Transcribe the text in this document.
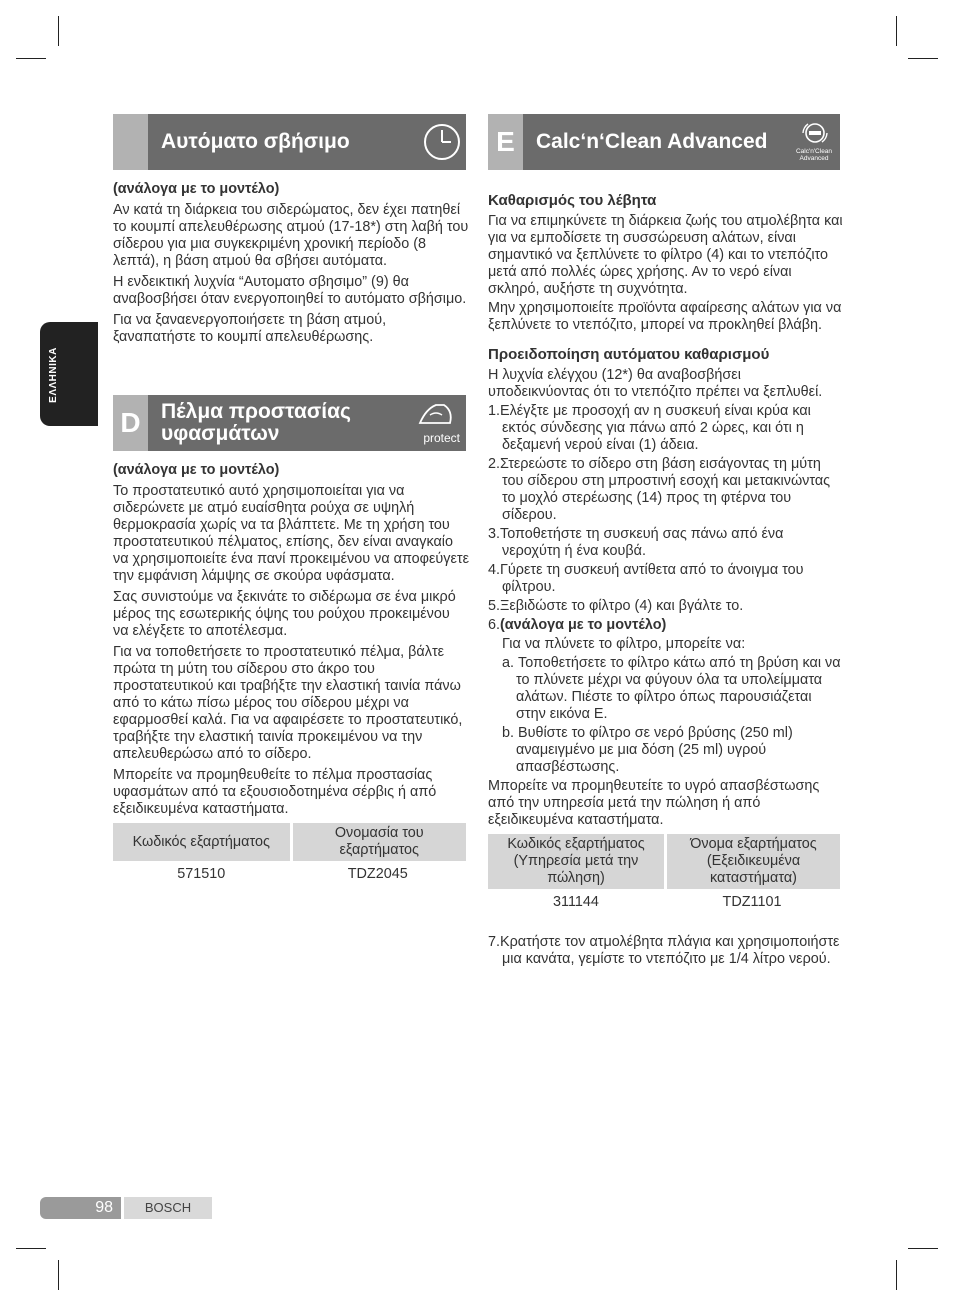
ΕΛΛΗΝΙΚΑ
Αυτόματο σβήσιμο

(ανάλογα με το μοντέλο)

Αν κατά τη διάρκεια του σιδερώματος, δεν έχει πατηθεί το κουμπί απελευθέρωσης ατμού (17-18*) στη λαβή του σίδερου για μια συγκεκριμένη χρονική περίοδο (8 λεπτά), η βάση ατμού θα σβήσει αυτόματα.

Η ενδεικτική λυχνία “Αυτοματο σβησιμο” (9) θα αναβοσβήσει όταν ενεργοποιηθεί το αυτόματο σβήσιμο.

Για να ξαναενεργοποιήσετε τη βάση ατμού, ξαναπατήστε το κουμπί απελευθέρωσης.

D Πέλμα προστασίας
υφασμάτων	protect

(ανάλογα με το μοντέλο)

Το προστατευτικό αυτό χρησιμοποιείται για να σιδερώνετε με ατμό ευαίσθητα ρούχα σε υψηλή θερμοκρασία χωρίς να τα βλάπτετε. Με τη χρήση του προστατευτικού πέλματος, επίσης, δεν είναι αναγκαίο να χρησιμοποιείτε ένα πανί προκειμένου να αποφεύγετε την εμφάνιση λάμψης σε σκούρα υφάσματα.

Σας συνιστούμε να ξεκινάτε το σιδέρωμα σε ένα μικρό μέρος της εσωτερικής όψης του ρούχου προκειμένου να ελέγξετε το αποτέλεσμα.

Για να τοποθετήσετε το προστατευτικό πέλμα, βάλτε πρώτα τη μύτη του σίδερου στο άκρο του προστατευτικού και τραβήξτε την ελαστική ταινία πάνω από το κάτω πίσω μέρος του σίδερου μέχρι να εφαρμοσθεί καλά. Για να αφαιρέσετε το προστατευτικό, τραβήξτε την ελαστική ταινία προκειμένου να την απελευθερώσω από το σίδερο.

Μπορείτε να προμηθευθείτε το πέλμα προστασίας υφασμάτων από τα εξουσιοδοτημένα σέρβις ή από εξειδικευμένα καταστήματα.

Κωδικός εξαρτήματος	Ονομασία του εξαρτήματος
571510	TDZ2045
E	Calc‘n‘Clean Advanced	Calc'n'Clean Advanced

Καθαρισμός του λέβητα

Για να επιμηκύνετε τη διάρκεια ζωής του ατμολέβητα και για να εμποδίσετε τη συσσώρευση αλάτων, είναι σημαντικό να ξεπλύνετε το φίλτρο (4) και το ντεπόζιτο μετά από πολλές ώρες χρήσης. Αν το νερό είναι σκληρό, αυξήστε τη συχνότητα.

Μην χρησιμοποιείτε προϊόντα αφαίρεσης αλάτων για να ξεπλύνετε το ντεπόζιτο, μπορεί να προκληθεί βλάβη.

Προειδοποίηση αυτόματου καθαρισμού

Η λυχνία ελέγχου (12*) θα αναβοσβήσει υποδεικνύοντας ότι το ντεπόζιτο πρέπει να ξεπλυθεί.

1.Ελέγξτε με προσοχή αν η συσκευή είναι κρύα και εκτός σύνδεσης για πάνω από 2 ώρες, και ότι η δεξαμενή νερού είναι (1) άδεια.
2.Στερεώστε το σίδερο στη βάση εισάγοντας τη μύτη του σίδερου στη μπροστινή εσοχή και μετακινώντας το μοχλό στερέωσης (14) προς τη φτέρνα του σίδερου.
3.Τοποθετήστε τη συσκευή σας πάνω από ένα νεροχύτη ή ένα κουβά.
4.Γύρετε τη συσκευή αντίθετα από το άνοιγμα του φίλτρου.
5.Ξεβιδώστε το φίλτρο (4) και βγάλτε το.
6.(ανάλογα με το μοντέλο)
Για να πλύνετε το φίλτρο, μπορείτε να:
a. Τοποθετήσετε το φίλτρο κάτω από τη βρύση και να το πλύνετε μέχρι να φύγουν όλα τα υπολείμματα αλάτων. Πιέστε το φίλτρο όπως παρουσιάζεται στην εικόνα E.
b. Βυθίστε το φίλτρο σε νερό βρύσης (250 ml) αναμειγμένο με μια δόση (25 ml) υγρού απασβέστωσης.

Μπορείτε να προμηθευτείτε το υγρό απασβέστωσης από την υπηρεσία μετά την πώληση ή από εξειδικευμένα καταστήματα.

Κωδικός εξαρτήματος (Υπηρεσία μετά την πώληση)	Όνομα εξαρτήματος (Εξειδικευμένα καταστήματα)
311144	TDZ1101

7.Κρατήστε τον ατμολέβητα πλάγια και χρησιμοποιήστε μια κανάτα, γεμίστε το ντεπόζιτο με 1/4 λίτρο νερού.

98	BOSCH
